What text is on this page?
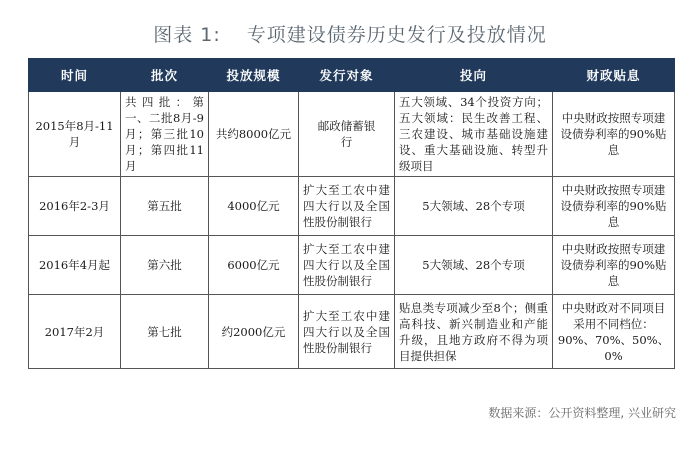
图表 1: 专项建设债券历史发行及投放情况
时间	批次	投放规模	发行对象	投向	财政贴息
2015年8月-11月	共四批：第一、二批8月-9月；第三批10月；第四批11月	共约8000亿元	邮政储蓄银行	五大领域、34个投资方向；五大领域：民生改善工程、三农建设、城市基础设施建设、重大基础设施、转型升级项目	中央财政按照专项建设债券利率的90%贴息
2016年2-3月	第五批	4000亿元	扩大至工农中建四大行以及全国性股份制银行	5大领域、28个专项	中央财政按照专项建设债券利率的90%贴息
2016年4月起	第六批	6000亿元	扩大至工农中建四大行以及全国性股份制银行	5大领域、28个专项	中央财政按照专项建设债券利率的90%贴息
2017年2月	第七批	约2000亿元	扩大至工农中建四大行以及全国性股份制银行	贴息类专项减少至8个；侧重高科技、新兴制造业和产能升级，且地方政府不得为项目提供担保	中央财政对不同项目采用不同档位：90%、70%、50%、0%
数据来源：公开资料整理, 兴业研究
